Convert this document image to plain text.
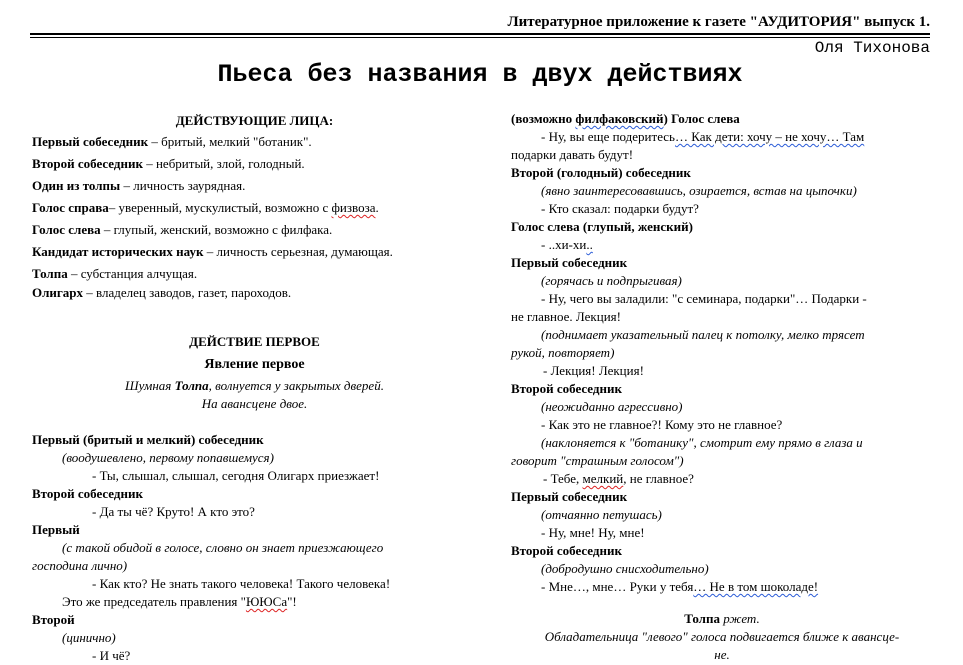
Литературное приложение к газете "АУДИТОРИЯ" выпуск 1.
Оля Тихонова
Пьеса без названия в двух действиях
ДЕЙСТВУЮЩИЕ ЛИЦА:
Первый собеседник – бритый, мелкий "ботаник".
Второй собеседник – небритый, злой, голодный.
Один из толпы – личность заурядная.
Голос справа– уверенный, мускулистый, возможно с физвоза.
Голос слева – глупый, женский, возможно с филфака.
Кандидат исторических наук – личность серьезная, думающая.
Толпа – субстанция алчущая.
Олигарх – владелец заводов, газет, пароходов.
ДЕЙСТВИЕ ПЕРВОЕ
Явление первое
Шумная Толпа, волнуется у закрытых дверей.
На авансцене двое.
Первый (бритый и мелкий) собеседник
(воодушевлено, первому попавшемуся)
- Ты, слышал, слышал, сегодня Олигарх приезжает!
Второй собеседник
- Да ты чё? Круто! А кто это?
Первый
(с такой обидой в голосе, словно он знает приезжающего
господина лично)
- Как кто? Не знать такого человека! Такого человека!
Это же председатель правления "ЮЮСа"!
Второй
(цинично)
- И чё?
(возможно филфаковский) Голос слева
- Ну, вы еще подеритесь… Как дети: хочу – не хочу… Там
подарки давать будут!
Второй (голодный) собеседник
(явно заинтересовавшись, озирается, встав на цыпочки)
- Кто сказал: подарки будут?
Голос слева (глупый, женский)
- ..хи-хи..
Первый собеседник
(горячась и подпрыгивая)
- Ну, чего вы заладили: "с семинара, подарки"… Подарки -
не главное. Лекция!
(поднимает указательный палец к потолку, мелко трясет
рукой, повторяет)
- Лекция! Лекция!
Второй собеседник
(неожиданно агрессивно)
- Как это не главное?! Кому это не главное?
(наклоняется к "ботанику", смотрит ему прямо в глаза и
говорит "страшным голосом")
- Тебе, мелкий, не главное?
Первый собеседник
(отчаянно петушась)
- Ну, мне! Ну, мне!
Второй собеседник
(добродушно снисходительно)
- Мне…, мне… Руки у тебя… Не в том шоколаде!
Толпа ржет.
Обладательница "левого" голоса подвигается ближе к авансце-
не.
